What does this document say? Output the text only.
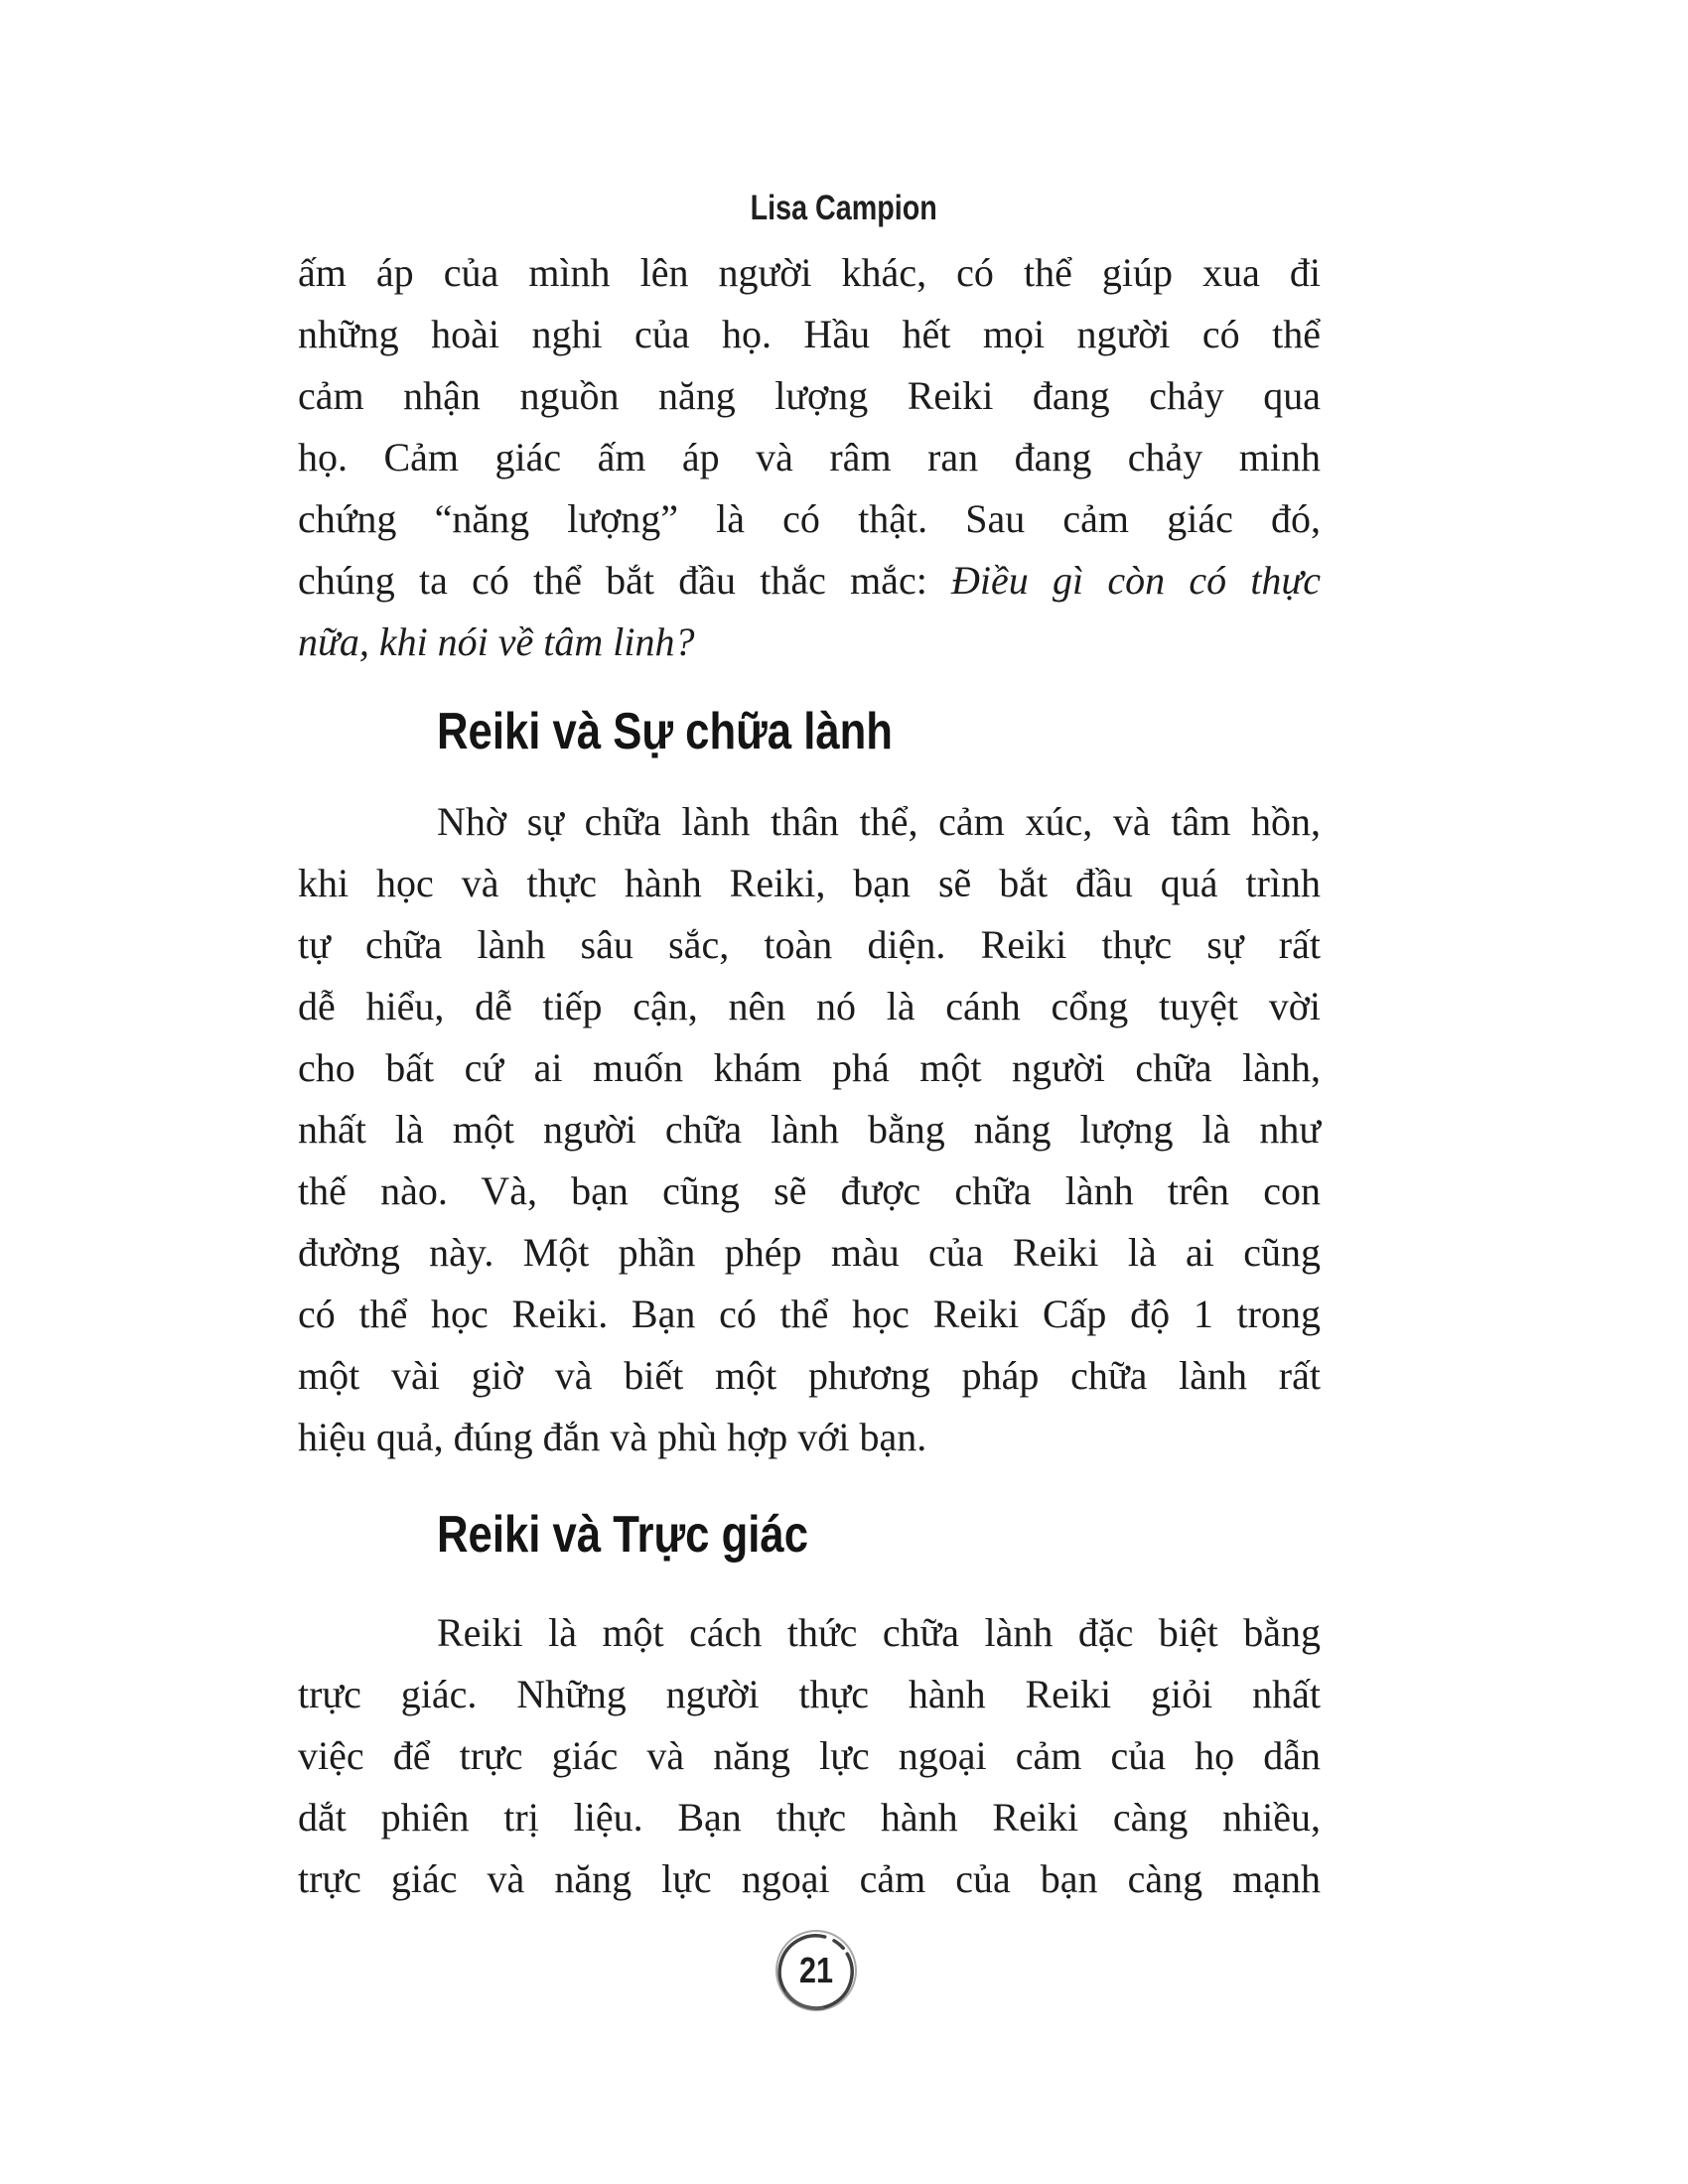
Lisa Campion
ấm áp của mình lên người khác, có thể giúp xua đi
những hoài nghi của họ. Hầu hết mọi người có thể
cảm nhận nguồn năng lượng Reiki đang chảy qua
họ. Cảm giác ấm áp và râm ran đang chảy minh
chứng “năng lượng” là có thật. Sau cảm giác đó,
chúng ta có thể bắt đầu thắc mắc: Điều gì còn có thực
nữa, khi nói về tâm linh?
Reiki và Sự chữa lành
Nhờ sự chữa lành thân thể, cảm xúc, và tâm hồn,
khi học và thực hành Reiki, bạn sẽ bắt đầu quá trình
tự chữa lành sâu sắc, toàn diện. Reiki thực sự rất
dễ hiểu, dễ tiếp cận, nên nó là cánh cổng tuyệt vời
cho bất cứ ai muốn khám phá một người chữa lành,
nhất là một người chữa lành bằng năng lượng là như
thế nào. Và, bạn cũng sẽ được chữa lành trên con
đường này. Một phần phép màu của Reiki là ai cũng
có thể học Reiki. Bạn có thể học Reiki Cấp độ 1 trong
một vài giờ và biết một phương pháp chữa lành rất
hiệu quả, đúng đắn và phù hợp với bạn.
Reiki và Trực giác
Reiki là một cách thức chữa lành đặc biệt bằng
trực giác. Những người thực hành Reiki giỏi nhất
việc để trực giác và năng lực ngoại cảm của họ dẫn
dắt phiên trị liệu. Bạn thực hành Reiki càng nhiều,
trực giác và năng lực ngoại cảm của bạn càng mạnh
21
